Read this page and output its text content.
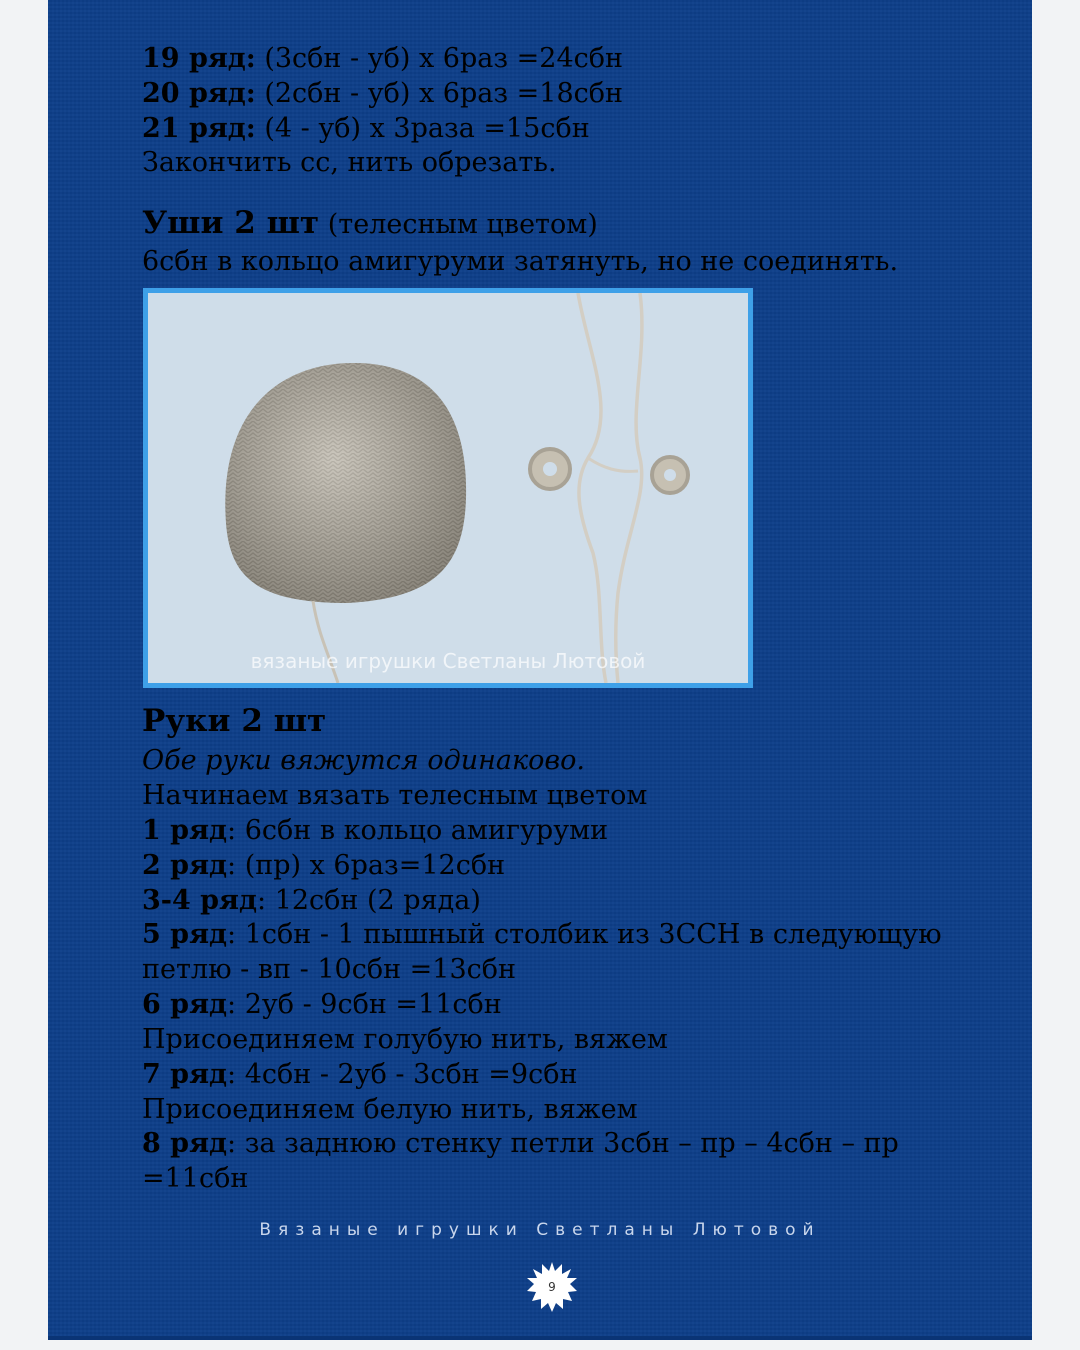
19 ряд: (3сбн - уб) х 6раз =24сбн
20 ряд: (2сбн - уб) х 6раз =18сбн
21 ряд: (4 - уб) х 3раза =15сбн
Закончить сс, нить обрезать.
Уши 2 шт (телесным цветом)
6сбн в кольцо амигуруми затянуть, но не соединять.
вязаные игрушки Светланы Лютовой
Руки 2 шт
Обе руки вяжутся одинаково.
Начинаем вязать телесным цветом
1 ряд: 6сбн в кольцо амигуруми
2 ряд: (пр) х 6раз=12сбн
3-4 ряд: 12сбн (2 ряда)
5 ряд: 1сбн - 1 пышный столбик из 3ССН в следующую
петлю - вп - 10сбн =13сбн
6 ряд: 2уб - 9сбн =11сбн
Присоединяем голубую нить, вяжем
7 ряд: 4сбн - 2уб - 3сбн =9сбн
Присоединяем белую нить, вяжем
8 ряд: за заднюю стенку петли 3сбн – пр – 4сбн – пр
=11сбн
Вязаные игрушки Светланы Лютовой
9
